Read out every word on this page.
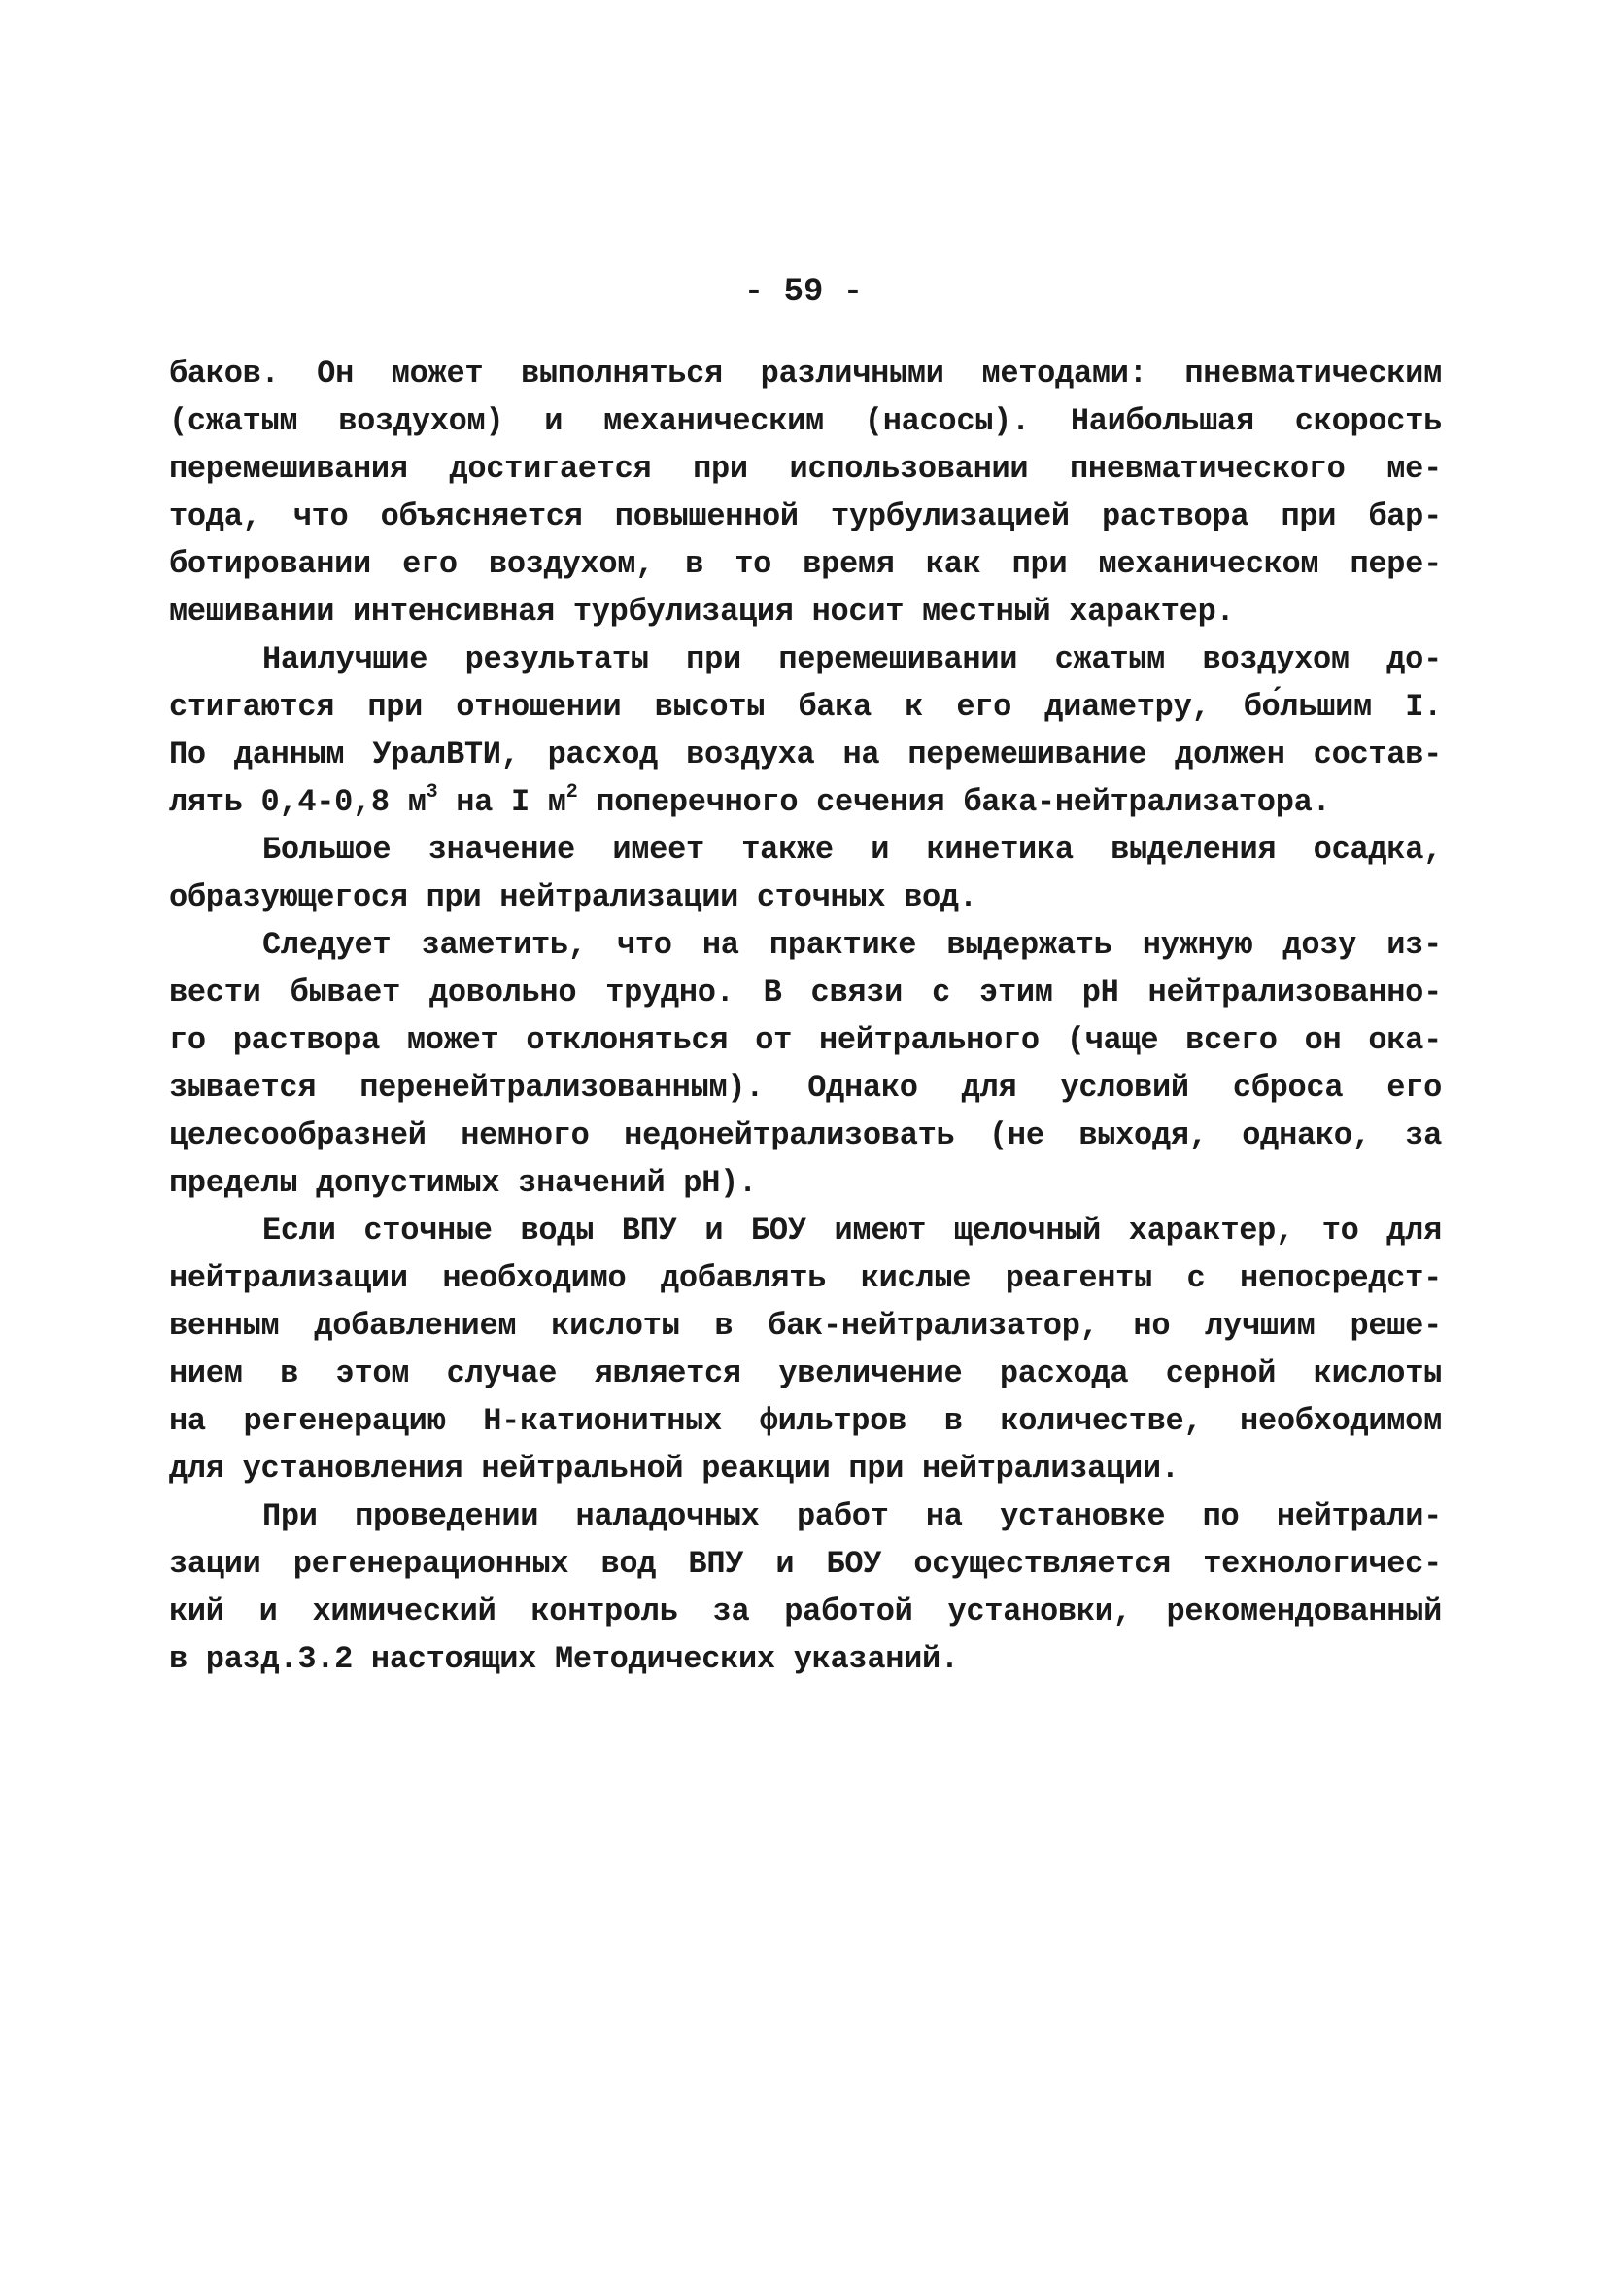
- 59 -
баков. Он может выполняться различными методами: пневматическим
(сжатым воздухом) и механическим (насосы). Наибольшая скорость
перемешивания достигается при использовании пневматического ме-
тода, что объясняется повышенной турбулизацией раствора при бар-
ботировании его воздухом, в то время как при механическом пере-
мешивании интенсивная турбулизация носит местный характер.
Наилучшие результаты при перемешивании сжатым воздухом до-
стигаются при отношении высоты бака к его диаметру, бо́льшим I.
По данным УралВТИ, расход воздуха на перемешивание должен состав-
лять 0,4-0,8 $м^3$ на I $м^2$ поперечного сечения бака-нейтрализатора.
Большое значение имеет также и кинетика выделения осадка,
образующегося при нейтрализации сточных вод.
Следует заметить, что на практике выдержать нужную дозу из-
вести бывает довольно трудно. В связи с этим рН нейтрализованно-
го раствора может отклоняться от нейтрального (чаще всего он ока-
зывается перенейтрализованным). Однако для условий сброса его
целесообразней немного недонейтрализовать (не выходя, однако, за
пределы допустимых значений рН).
Если сточные воды ВПУ и БОУ имеют щелочный характер, то для
нейтрализации необходимо добавлять кислые реагенты с непосредст-
венным добавлением кислоты в бак-нейтрализатор, но лучшим реше-
нием в этом случае является увеличение расхода серной кислоты
на регенерацию Н-катионитных фильтров в количестве, необходимом
для установления нейтральной реакции при нейтрализации.
При проведении наладочных работ на установке по нейтрали-
зации регенерационных вод ВПУ и БОУ осуществляется технологичес-
кий и химический контроль за работой установки, рекомендованный
в разд.3.2 настоящих Методических указаний.
